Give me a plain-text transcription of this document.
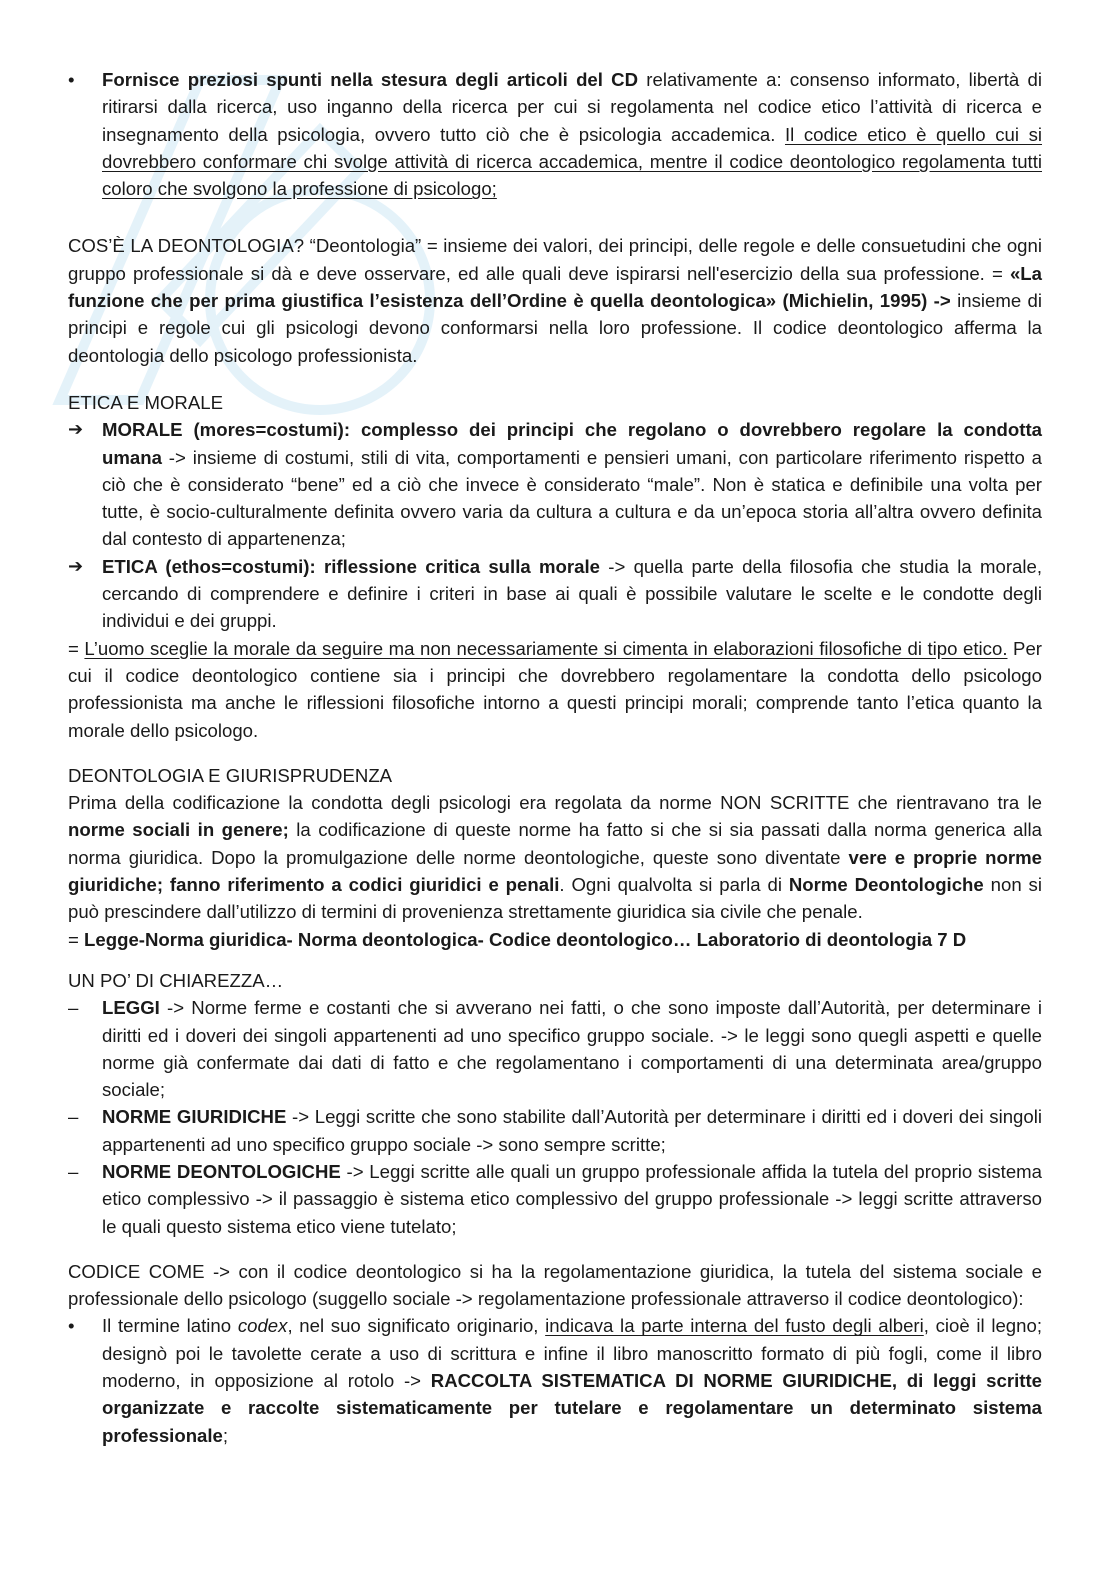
•	Fornisce preziosi spunti nella stesura degli articoli del CD relativamente a: consenso informato, libertà di ritirarsi dalla ricerca, uso inganno della ricerca per cui si regolamenta nel codice etico l’attività di ricerca e insegnamento della psicologia, ovvero tutto ciò che è psicologia accademica. Il codice etico è quello cui si dovrebbero conformare chi svolge attività di ricerca accademica, mentre il codice deontologico regolamenta tutti coloro che svolgono la professione di psicologo;

COS’È LA DEONTOLOGIA? “Deontologia” = insieme dei valori, dei principi, delle regole e delle consuetudini che ogni gruppo professionale si dà e deve osservare, ed alle quali deve ispirarsi nell'esercizio della sua professione. = «La funzione che per prima giustifica l’esistenza dell’Ordine è quella deontologica» (Michielin, 1995) -> insieme di principi e regole cui gli psicologi devono conformarsi nella loro professione. Il codice deontologico afferma la deontologia dello psicologo professionista.

ETICA E MORALE

➔	MORALE (mores=costumi): complesso dei principi che regolano o dovrebbero regolare la condotta umana -> insieme di costumi, stili di vita, comportamenti e pensieri umani, con particolare riferimento rispetto a ciò che è considerato “bene” ed a ciò che invece è considerato “male”. Non è statica e definibile una volta per tutte, è socio-culturalmente definita ovvero varia da cultura a cultura e da un’epoca storia all’altra ovvero definita dal contesto di appartenenza;

➔	ETICA (ethos=costumi): riflessione critica sulla morale -> quella parte della filosofia che studia la morale, cercando di comprendere e definire i criteri in base ai quali è possibile valutare le scelte e le condotte degli individui e dei gruppi.

= L’uomo sceglie la morale da seguire ma non necessariamente si cimenta in elaborazioni filosofiche di tipo etico. Per cui il codice deontologico contiene sia i principi che dovrebbero regolamentare la condotta dello psicologo professionista ma anche le riflessioni filosofiche intorno a questi principi morali; comprende tanto l’etica quanto la morale dello psicologo.

DEONTOLOGIA E GIURISPRUDENZA

Prima della codificazione la condotta degli psicologi era regolata da norme NON SCRITTE che rientravano tra le norme sociali in genere; la codificazione di queste norme ha fatto si che si sia passati dalla norma generica alla norma giuridica. Dopo la promulgazione delle norme deontologiche, queste sono diventate vere e proprie norme giuridiche; fanno riferimento a codici giuridici e penali. Ogni qualvolta si parla di Norme Deontologiche non si può prescindere dall’utilizzo di termini di provenienza strettamente giuridica sia civile che penale.

= Legge-Norma giuridica- Norma deontologica- Codice deontologico… Laboratorio di deontologia 7 D

UN PO’ DI CHIAREZZA…

–	LEGGI -> Norme ferme e costanti che si avverano nei fatti, o che sono imposte dall’Autorità, per determinare i diritti ed i doveri dei singoli appartenenti ad uno specifico gruppo sociale. -> le leggi sono quegli aspetti e quelle norme già confermate dai dati di fatto e che regolamentano i comportamenti di una determinata area/gruppo sociale;

–	NORME GIURIDICHE -> Leggi scritte che sono stabilite dall’Autorità per determinare i diritti ed i doveri dei singoli appartenenti ad uno specifico gruppo sociale -> sono sempre scritte;

–	NORME DEONTOLOGICHE -> Leggi scritte alle quali un gruppo professionale affida la tutela del proprio sistema etico complessivo -> il passaggio è sistema etico complessivo del gruppo professionale -> leggi scritte attraverso le quali questo sistema etico viene tutelato;

CODICE COME -> con il codice deontologico si ha la regolamentazione giuridica, la tutela del sistema sociale e professionale dello psicologo (suggello sociale -> regolamentazione professionale attraverso il codice deontologico):

•	Il termine latino codex, nel suo significato originario, indicava la parte interna del fusto degli alberi, cioè il legno; designò poi le tavolette cerate a uso di scrittura e infine il libro manoscritto formato di più fogli, come il libro moderno, in opposizione al rotolo -> RACCOLTA SISTEMATICA DI NORME GIURIDICHE, di leggi scritte organizzate e raccolte sistematicamente per tutelare e regolamentare un determinato sistema professionale;
